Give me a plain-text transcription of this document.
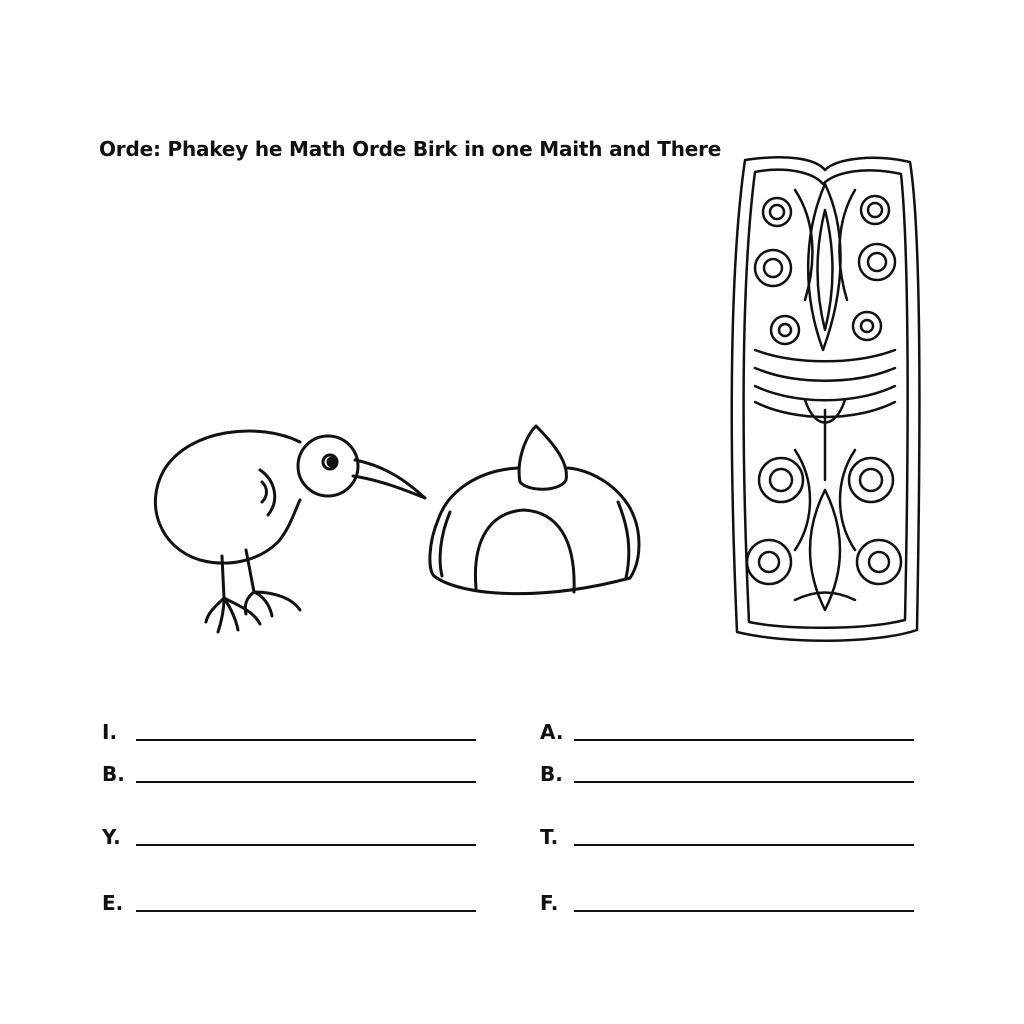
Orde: Phakey he Math Orde Birk in one Maith and There
I.
B.
Y.
E.
A.
B.
T.
F.
